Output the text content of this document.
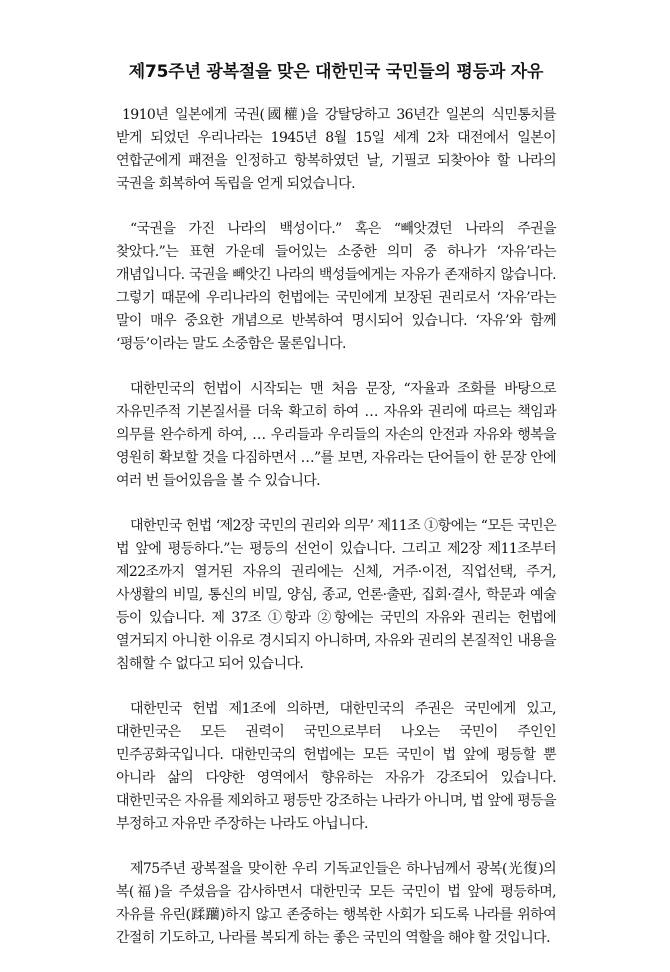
제75주년 광복절을 맞은 대한민국 국민들의 평등과 자유

1910년 일본에게 국권(國權)을 강탈당하고 36년간 일본의 식민통치를 받게 되었던 우리나라는 1945년 8월 15일 세계 2차 대전에서 일본이 연합군에게 패전을 인정하고 항복하였던 날, 기필코 되찾아야 할 나라의 국권을 회복하여 독립을 얻게 되었습니다.

“국권을 가진 나라의 백성이다.” 혹은 “빼앗겼던 나라의 주권을 찾았다.”는 표현 가운데 들어있는 소중한 의미 중 하나가 ‘자유’라는 개념입니다. 국권을 빼앗긴 나라의 백성들에게는 자유가 존재하지 않습니다. 그렇기 때문에 우리나라의 헌법에는 국민에게 보장된 권리로서 ‘자유’라는 말이 매우 중요한 개념으로 반복하여 명시되어 있습니다. ‘자유’와 함께 ‘평등’이라는 말도 소중함은 물론입니다.

대한민국의 헌법이 시작되는 맨 처음 문장, “자율과 조화를 바탕으로 자유민주적 기본질서를 더욱 확고히 하여 … 자유와 권리에 따르는 책임과 의무를 완수하게 하여, … 우리들과 우리들의 자손의 안전과 자유와 행복을 영원히 확보할 것을 다짐하면서 …”를 보면, 자유라는 단어들이 한 문장 안에 여러 번 들어있음을 볼 수 있습니다.

대한민국 헌법 ‘제2장 국민의 권리와 의무’ 제11조 ①항에는 “모든 국민은 법 앞에 평등하다.”는 평등의 선언이 있습니다. 그리고 제2장 제11조부터 제22조까지 열거된 자유의 권리에는 신체, 거주·이전, 직업선택, 주거, 사생활의 비밀, 통신의 비밀, 양심, 종교, 언론·출판, 집회·결사, 학문과 예술 등이 있습니다. 제 37조 ①항과 ②항에는 국민의 자유와 권리는 헌법에 열거되지 아니한 이유로 경시되지 아니하며, 자유와 권리의 본질적인 내용을 침해할 수 없다고 되어 있습니다.

대한민국 헌법 제1조에 의하면, 대한민국의 주권은 국민에게 있고, 대한민국은 모든 권력이 국민으로부터 나오는 국민이 주인인 민주공화국입니다. 대한민국의 헌법에는 모든 국민이 법 앞에 평등할 뿐 아니라 삶의 다양한 영역에서 향유하는 자유가 강조되어 있습니다. 대한민국은 자유를 제외하고 평등만 강조하는 나라가 아니며, 법 앞에 평등을 부정하고 자유만 주장하는 나라도 아닙니다.

제75주년 광복절을 맞이한 우리 기독교인들은 하나님께서 광복(光復)의 복(福)을 주셨음을 감사하면서 대한민국 모든 국민이 법 앞에 평등하며, 자유를 유린(蹂躪)하지 않고 존중하는 행복한 사회가 되도록 나라를 위하여 간절히 기도하고, 나라를 복되게 하는 좋은 국민의 역할을 해야 할 것입니다.
